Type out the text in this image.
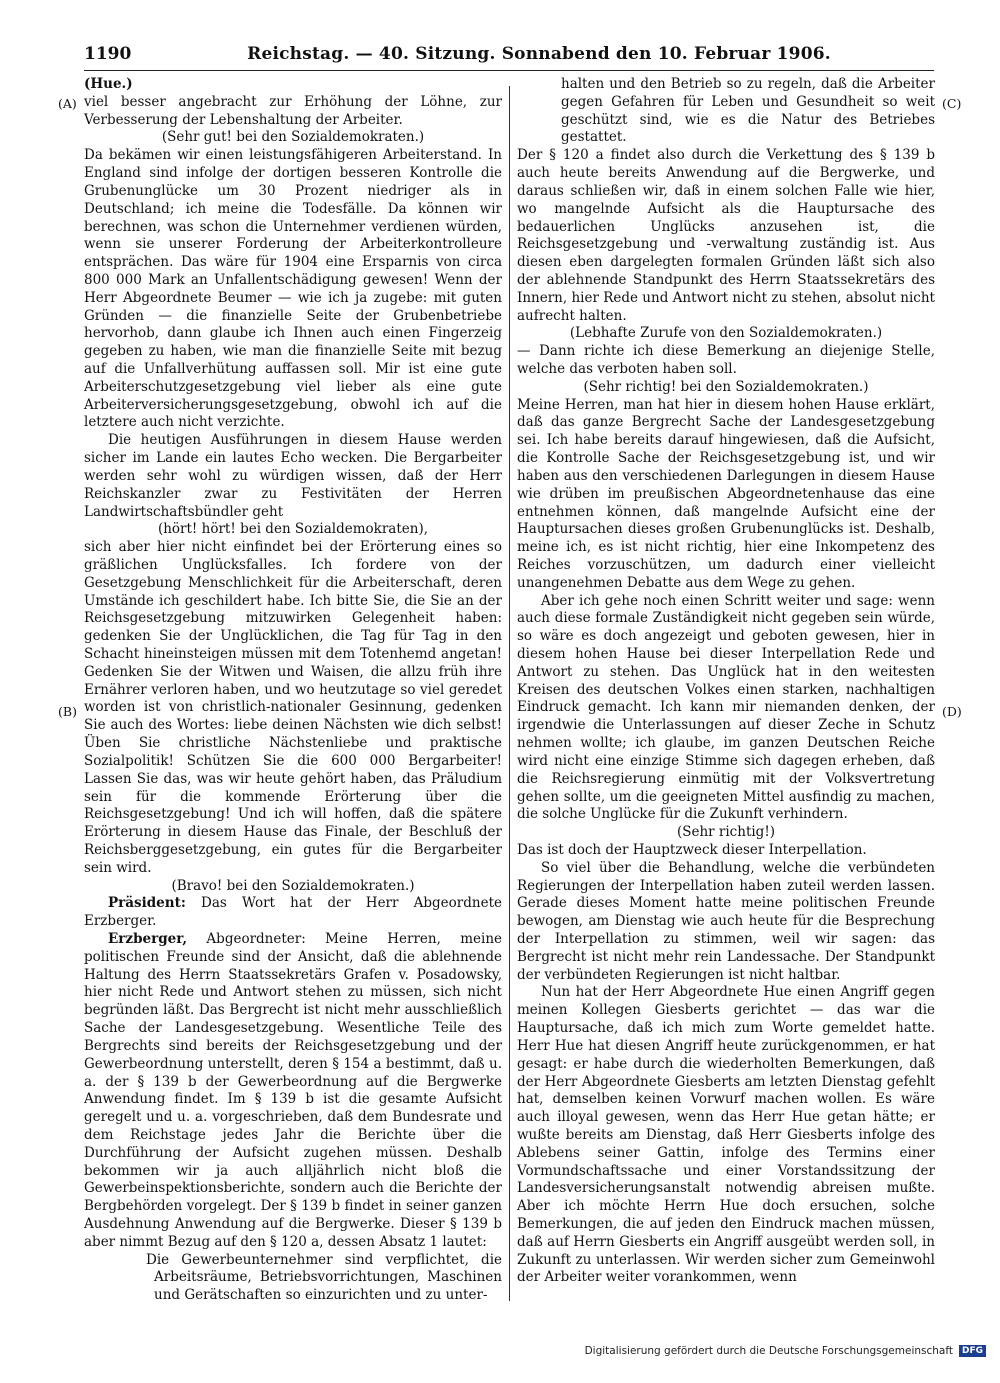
1190	Reichstag. — 40. Sitzung. Sonnabend den 10. Februar 1906.
(A)
(B)
(C)
(D)

(Hue.)

viel besser angebracht zur Erhöhung der Löhne, zur Verbesserung der Lebenshaltung der Arbeiter.

(Sehr gut! bei den Sozialdemokraten.)

Da bekämen wir einen leistungsfähigeren Arbeiterstand. In England sind infolge der dortigen besseren Kontrolle die Grubenunglücke um 30 Prozent niedriger als in Deutschland; ich meine die Todesfälle. Da können wir berechnen, was schon die Unternehmer verdienen würden, wenn sie unserer Forderung der Arbeiterkontrolleure entsprächen. Das wäre für 1904 eine Ersparnis von circa 800 000 Mark an Unfallentschädigung gewesen! Wenn der Herr Abgeordnete Beumer — wie ich ja zugebe: mit guten Gründen — die finanzielle Seite der Grubenbetriebe hervorhob, dann glaube ich Ihnen auch einen Fingerzeig gegeben zu haben, wie man die finanzielle Seite mit bezug auf die Unfallverhütung auffassen soll. Mir ist eine gute Arbeiterschutzgesetzgebung viel lieber als eine gute Arbeiterversicherungsgesetzgebung, obwohl ich auf die letztere auch nicht verzichte.

Die heutigen Ausführungen in diesem Hause werden sicher im Lande ein lautes Echo wecken. Die Bergarbeiter werden sehr wohl zu würdigen wissen, daß der Herr Reichskanzler zwar zu Festivitäten der Herren Landwirtschaftsbündler geht

(hört! hört! bei den Sozialdemokraten),

sich aber hier nicht einfindet bei der Erörterung eines so gräßlichen Unglücksfalles. Ich fordere von der Gesetzgebung Menschlichkeit für die Arbeiterschaft, deren Umstände ich geschildert habe. Ich bitte Sie, die Sie an der Reichsgesetzgebung mitzuwirken Gelegenheit haben: gedenken Sie der Unglücklichen, die Tag für Tag in den Schacht hineinsteigen müssen mit dem Totenhemd angetan! Gedenken Sie der Witwen und Waisen, die allzu früh ihre Ernährer verloren haben, und wo heutzutage so viel geredet worden ist von christlich-nationaler Gesinnung, gedenken Sie auch des Wortes: liebe deinen Nächsten wie dich selbst! Üben Sie christliche Nächstenliebe und praktische Sozialpolitik! Schützen Sie die 600 000 Bergarbeiter! Lassen Sie das, was wir heute gehört haben, das Präludium sein für die kommende Erörterung über die Reichsgesetzgebung! Und ich will hoffen, daß die spätere Erörterung in diesem Hause das Finale, der Beschluß der Reichsberggesetzgebung, ein gutes für die Bergarbeiter sein wird.

(Bravo! bei den Sozialdemokraten.)

Präsident: Das Wort hat der Herr Abgeordnete Erzberger.

Erzberger, Abgeordneter: Meine Herren, meine politischen Freunde sind der Ansicht, daß die ablehnende Haltung des Herrn Staatssekretärs Grafen v. Posadowsky, hier nicht Rede und Antwort stehen zu müssen, sich nicht begründen läßt. Das Bergrecht ist nicht mehr ausschließlich Sache der Landesgesetzgebung. Wesentliche Teile des Bergrechts sind bereits der Reichsgesetzgebung und der Gewerbeordnung unterstellt, deren § 154 a bestimmt, daß u. a. der § 139 b der Gewerbeordnung auf die Bergwerke Anwendung findet. Im § 139 b ist die gesamte Aufsicht geregelt und u. a. vorgeschrieben, daß dem Bundesrate und dem Reichstage jedes Jahr die Berichte über die Durchführung der Aufsicht zugehen müssen. Deshalb bekommen wir ja auch alljährlich nicht bloß die Gewerbeinspektionsberichte, sondern auch die Berichte der Bergbehörden vorgelegt. Der § 139 b findet in seiner ganzen Ausdehnung Anwendung auf die Bergwerke. Dieser § 139 b aber nimmt Bezug auf den § 120 a, dessen Absatz 1 lautet:

Die Gewerbeunternehmer sind verpflichtet, die Arbeitsräume, Betriebsvorrichtungen, Maschinen und Gerätschaften so einzurichten und zu unter-

halten und den Betrieb so zu regeln, daß die Arbeiter gegen Gefahren für Leben und Gesundheit so weit geschützt sind, wie es die Natur des Betriebes gestattet.

Der § 120 a findet also durch die Verkettung des § 139 b auch heute bereits Anwendung auf die Bergwerke, und daraus schließen wir, daß in einem solchen Falle wie hier, wo mangelnde Aufsicht als die Hauptursache des bedauerlichen Unglücks anzusehen ist, die Reichsgesetzgebung und -verwaltung zuständig ist. Aus diesen eben dargelegten formalen Gründen läßt sich also der ablehnende Standpunkt des Herrn Staatssekretärs des Innern, hier Rede und Antwort nicht zu stehen, absolut nicht aufrecht halten.

(Lebhafte Zurufe von den Sozialdemokraten.)

— Dann richte ich diese Bemerkung an diejenige Stelle, welche das verboten haben soll.

(Sehr richtig! bei den Sozialdemokraten.)

Meine Herren, man hat hier in diesem hohen Hause erklärt, daß das ganze Bergrecht Sache der Landesgesetzgebung sei. Ich habe bereits darauf hingewiesen, daß die Aufsicht, die Kontrolle Sache der Reichsgesetzgebung ist, und wir haben aus den verschiedenen Darlegungen in diesem Hause wie drüben im preußischen Abgeordnetenhause das eine entnehmen können, daß mangelnde Aufsicht eine der Hauptursachen dieses großen Grubenunglücks ist. Deshalb, meine ich, es ist nicht richtig, hier eine Inkompetenz des Reiches vorzuschützen, um dadurch einer vielleicht unangenehmen Debatte aus dem Wege zu gehen.

Aber ich gehe noch einen Schritt weiter und sage: wenn auch diese formale Zuständigkeit nicht gegeben sein würde, so wäre es doch angezeigt und geboten gewesen, hier in diesem hohen Hause bei dieser Interpellation Rede und Antwort zu stehen. Das Unglück hat in den weitesten Kreisen des deutschen Volkes einen starken, nachhaltigen Eindruck gemacht. Ich kann mir niemanden denken, der irgendwie die Unterlassungen auf dieser Zeche in Schutz nehmen wollte; ich glaube, im ganzen Deutschen Reiche wird nicht eine einzige Stimme sich dagegen erheben, daß die Reichsregierung einmütig mit der Volksvertretung gehen sollte, um die geeigneten Mittel ausfindig zu machen, die solche Unglücke für die Zukunft verhindern.

(Sehr richtig!)

Das ist doch der Hauptzweck dieser Interpellation.

So viel über die Behandlung, welche die verbündeten Regierungen der Interpellation haben zuteil werden lassen. Gerade dieses Moment hatte meine politischen Freunde bewogen, am Dienstag wie auch heute für die Besprechung der Interpellation zu stimmen, weil wir sagen: das Bergrecht ist nicht mehr rein Landessache. Der Standpunkt der verbündeten Regierungen ist nicht haltbar.

Nun hat der Herr Abgeordnete Hue einen Angriff gegen meinen Kollegen Giesberts gerichtet — das war die Hauptursache, daß ich mich zum Worte gemeldet hatte. Herr Hue hat diesen Angriff heute zurückgenommen, er hat gesagt: er habe durch die wiederholten Bemerkungen, daß der Herr Abgeordnete Giesberts am letzten Dienstag gefehlt hat, demselben keinen Vorwurf machen wollen. Es wäre auch illoyal gewesen, wenn das Herr Hue getan hätte; er wußte bereits am Dienstag, daß Herr Giesberts infolge des Ablebens seiner Gattin, infolge des Termins einer Vormundschaftssache und einer Vorstandssitzung der Landesversicherungsanstalt notwendig abreisen mußte. Aber ich möchte Herrn Hue doch ersuchen, solche Bemerkungen, die auf jeden den Eindruck machen müssen, daß auf Herrn Giesberts ein Angriff ausgeübt werden soll, in Zukunft zu unterlassen. Wir werden sicher zum Gemeinwohl der Arbeiter weiter vorankommen, wenn

Digitalisierung gefördert durch die Deutsche Forschungsgemeinschaft	DFG
